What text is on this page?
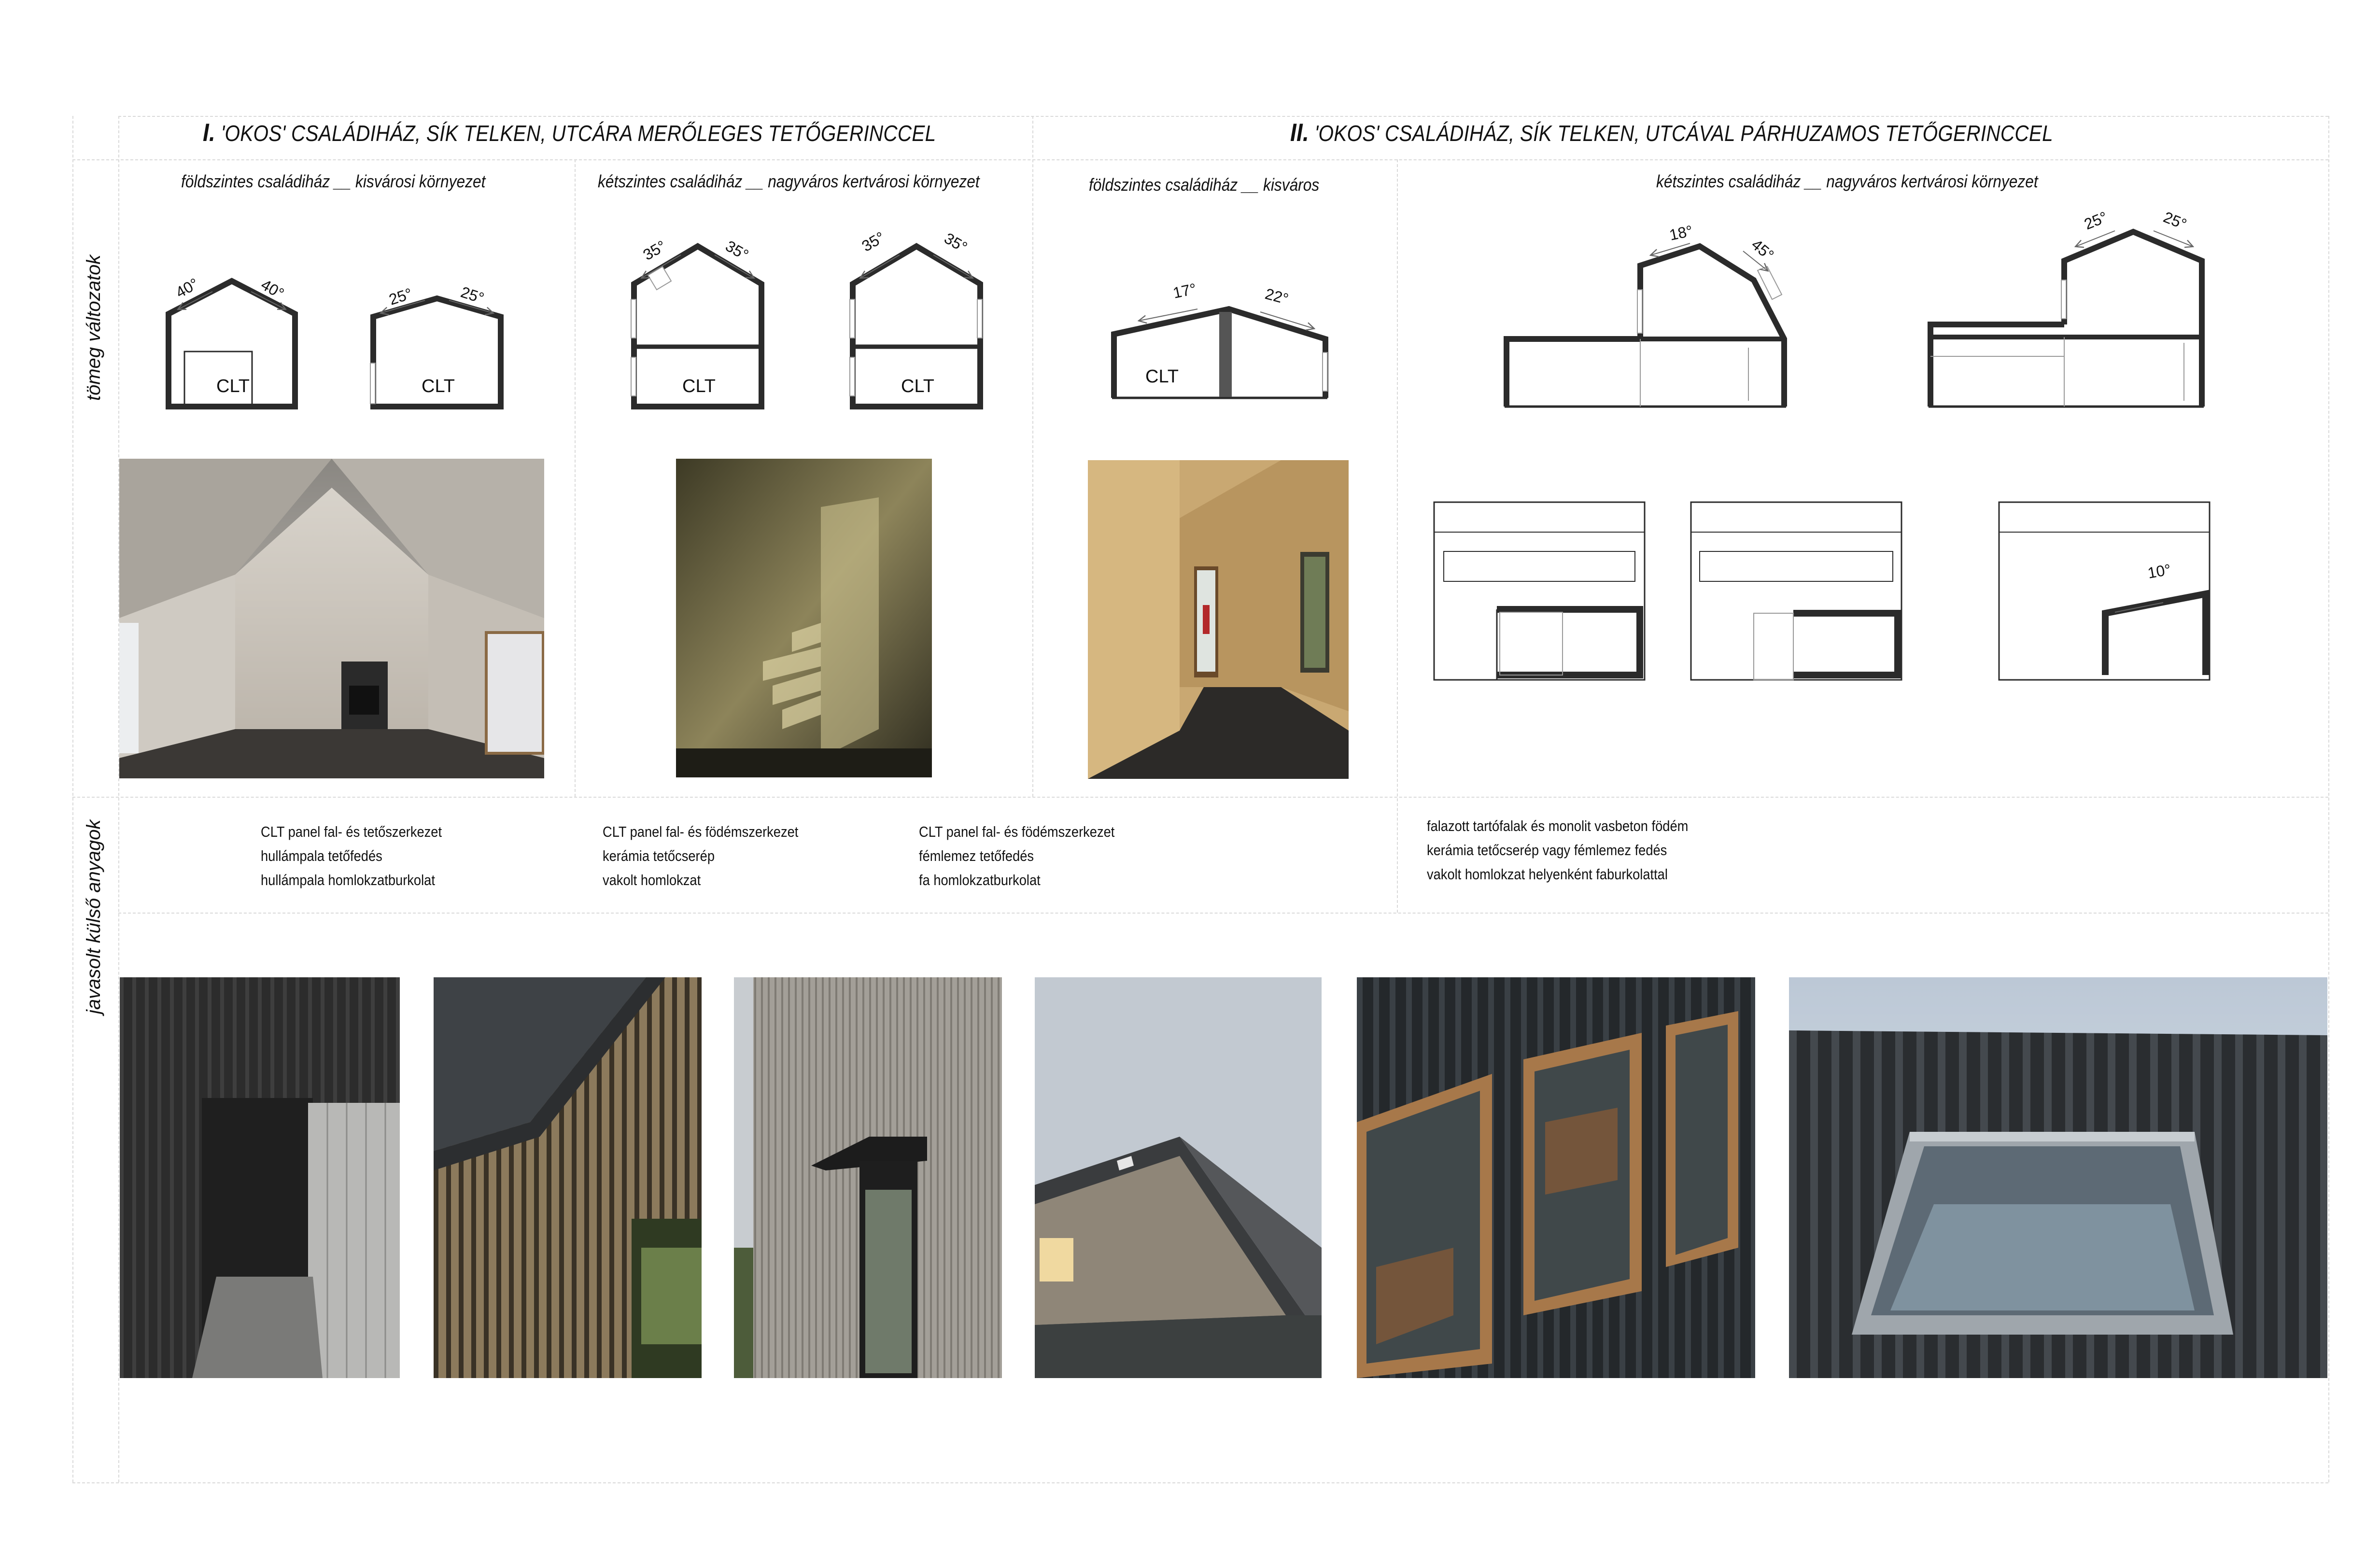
I. 'OKOS' CSALÁDIHÁZ, SÍK TELKEN, UTCÁRA MERŐLEGES TETŐGERINCCEL	II. 'OKOS' CSALÁDIHÁZ, SÍK TELKEN, UTCÁVAL PÁRHUZAMOS TETŐGERINCCEL
tömeg változatok
javasolt külső anyagok
földszintes családiház __ kisvárosi környezet	kétszintes családiház __ nagyváros kertvárosi környezet	földszintes családiház __ kisváros	kétszintes családiház __ nagyváros kertvárosi környezet
CLT	CLT	CLT	CLT	CLT
40°	40°	25°	25°
35°	35°	35°	35°
17°	22°
18°
45°
25°	25°
10°
CLT panel fal- és tetőszerkezet
hullámpala tetőfedés
hullámpala homlokzatburkolat
CLT panel fal- és födémszerkezet
kerámia tetőcserép
vakolt homlokzat
CLT panel fal- és födémszerkezet
fémlemez tetőfedés
fa homlokzatburkolat
falazott tartófalak és monolit vasbeton födém
kerámia tetőcserép vagy fémlemez fedés
vakolt homlokzat helyenként faburkolattal
